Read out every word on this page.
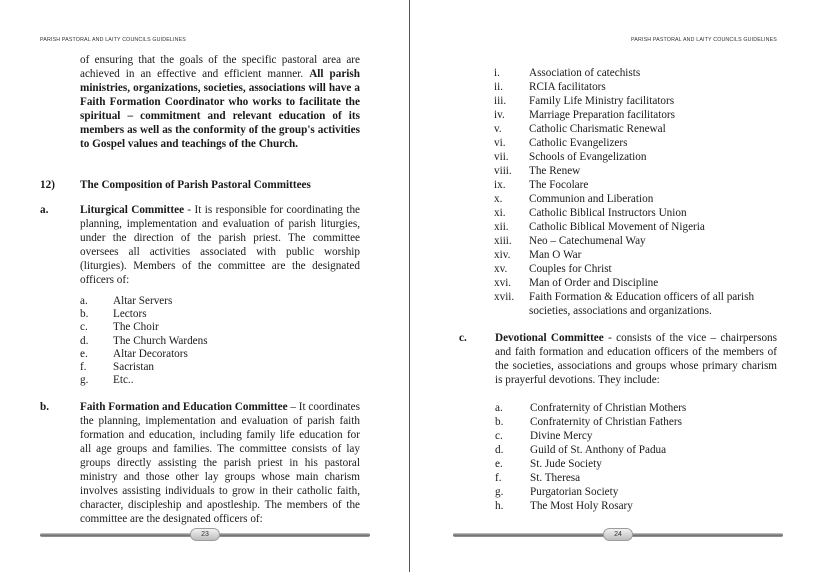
PARISH PASTORAL AND LAITY COUNCILS GUIDELINES
of ensuring that the goals of the specific pastoral area are achieved in an effective and efficient manner. All parish ministries, organizations, societies, associations will have a Faith Formation Coordinator who works to facilitate the spiritual – commitment and relevant education of its members as well as the conformity of the group's activities to Gospel values and teachings of the Church.
12) The Composition of Parish Pastoral Committees
a.	Liturgical Committee - It is responsible for coordinating the planning, implementation and evaluation of parish liturgies, under the direction of the parish priest. The committee oversees all activities associated with public worship (liturgies). Members of the committee are the designated officers of:
a.	Altar Servers
b.	Lectors
c.	The Choir
d.	The Church Wardens
e.	Altar Decorators
f.	Sacristan
g.	Etc..
b.	Faith Formation and Education Committee – It coordinates the planning, implementation and evaluation of parish faith formation and education, including family life education for all age groups and families. The committee consists of lay groups directly assisting the parish priest in his pastoral ministry and those other lay groups whose main charism involves assisting individuals to grow in their catholic faith, character, discipleship and apostleship. The members of the committee are the designated officers of:
23
PARISH PASTORAL AND LAITY COUNCILS GUIDELINES
i.	Association of catechists
ii.	RCIA facilitators
iii.	Family Life Ministry facilitators
iv.	Marriage Preparation facilitators
v.	Catholic Charismatic Renewal
vi.	Catholic Evangelizers
vii.	Schools of Evangelization
viii.	The Renew
ix.	The Focolare
x.	Communion and Liberation
xi.	Catholic Biblical Instructors Union
xii.	Catholic Biblical Movement of Nigeria
xiii.	Neo – Catechumenal Way
xiv.	Man O War
xv.	Couples for Christ
xvi.	Man of Order and Discipline
xvii.	Faith Formation & Education officers of all parish societies, associations and organizations.
c.	Devotional Committee - consists of the vice – chairpersons and faith formation and education officers of the members of the societies, associations and groups whose primary charism is prayerful devotions. They include:
a.	Confraternity of Christian Mothers
b.	Confraternity of Christian Fathers
c.	Divine Mercy
d.	Guild of St. Anthony of Padua
e.	St. Jude Society
f.	St. Theresa
g.	Purgatorian Society
h.	The Most Holy Rosary
24
